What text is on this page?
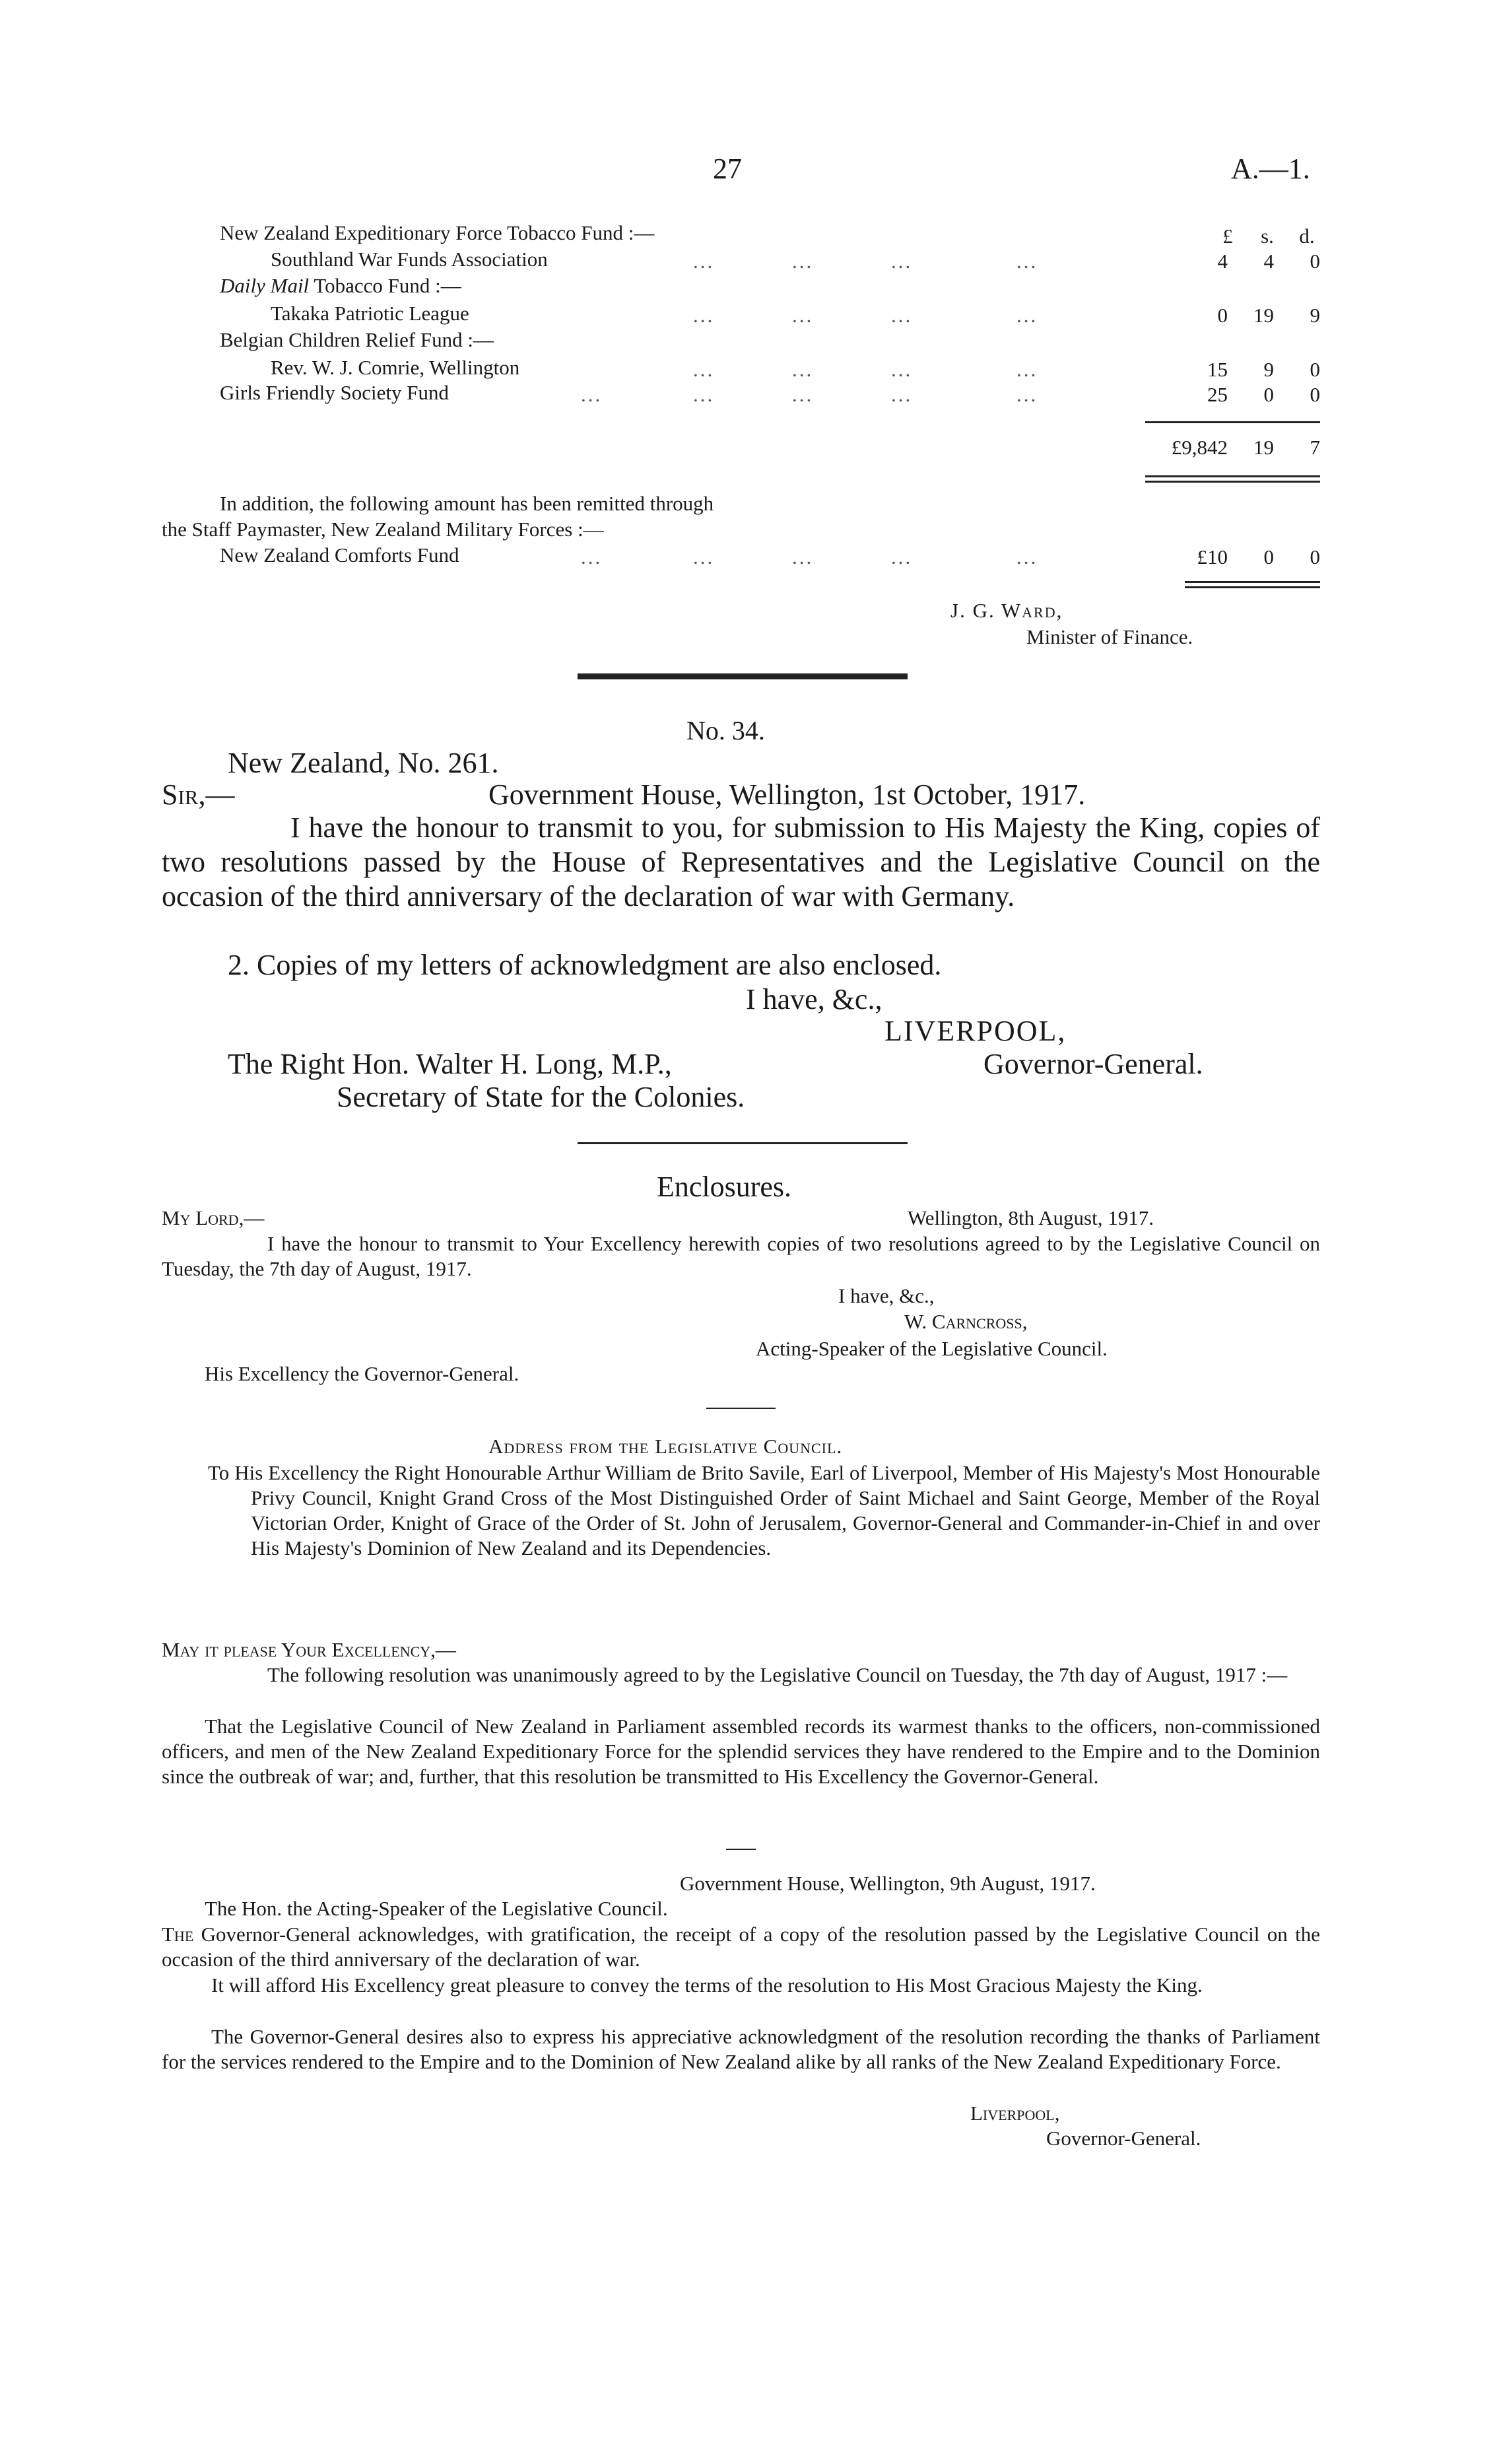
27	A.—1.
£	s.	d.
New Zealand Expeditionary Force Tobacco Fund :—
Southland War Funds Association	...	...	...	...	4	4	0
Daily Mail Tobacco Fund :—
Takaka Patriotic League	...	...	...	...	0	19	9
Belgian Children Relief Fund :—
Rev. W. J. Comrie, Wellington	...	...	...	...	15	9	0
Girls Friendly Society Fund	...	...	...	...	...	25	0	0
£9,842	19	7
In addition, the following amount has been remitted through
the Staff Paymaster, New Zealand Military Forces :—
New Zealand Comforts Fund	...	...	...	...	...	£10	0	0
J. G. Ward,
Minister of Finance.
No. 34.
New Zealand, No. 261.
Sir,—	Government House, Wellington, 1st October, 1917.
I have the honour to transmit to you, for submission to His Majesty the King, copies of two resolutions passed by the House of Representatives and the Legislative Council on the occasion of the third anniversary of the declaration of war with Germany.
2. Copies of my letters of acknowledgment are also enclosed.
I have, &c.,
LIVERPOOL,
The Right Hon. Walter H. Long, M.P.,	Governor-General.
Secretary of State for the Colonies.
Enclosures.
My Lord,—	Wellington, 8th August, 1917.
I have the honour to transmit to Your Excellency herewith copies of two resolutions agreed to by the Legislative Council on Tuesday, the 7th day of August, 1917.
I have, &c.,
W. Carncross,
Acting-Speaker of the Legislative Council.
His Excellency the Governor-General.
Address from the Legislative Council.
To His Excellency the Right Honourable Arthur William de Brito Savile, Earl of Liverpool, Member of His Majesty's Most Honourable Privy Council, Knight Grand Cross of the Most Distinguished Order of Saint Michael and Saint George, Member of the Royal Victorian Order, Knight of Grace of the Order of St. John of Jerusalem, Governor-General and Commander-in-Chief in and over His Majesty's Dominion of New Zealand and its Dependencies.
May it please Your Excellency,—
The following resolution was unanimously agreed to by the Legislative Council on Tuesday, the 7th day of August, 1917 :—
That the Legislative Council of New Zealand in Parliament assembled records its warmest thanks to the officers, non-commissioned officers, and men of the New Zealand Expeditionary Force for the splendid services they have rendered to the Empire and to the Dominion since the outbreak of war; and, further, that this resolution be transmitted to His Excellency the Governor-General.
Government House, Wellington, 9th August, 1917.
The Hon. the Acting-Speaker of the Legislative Council.
The Governor-General acknowledges, with gratification, the receipt of a copy of the resolution passed by the Legislative Council on the occasion of the third anniversary of the declaration of war.
It will afford His Excellency great pleasure to convey the terms of the resolution to His Most Gracious Majesty the King.
The Governor-General desires also to express his appreciative acknowledgment of the resolution recording the thanks of Parliament for the services rendered to the Empire and to the Dominion of New Zealand alike by all ranks of the New Zealand Expeditionary Force.
Liverpool,
Governor-General.
